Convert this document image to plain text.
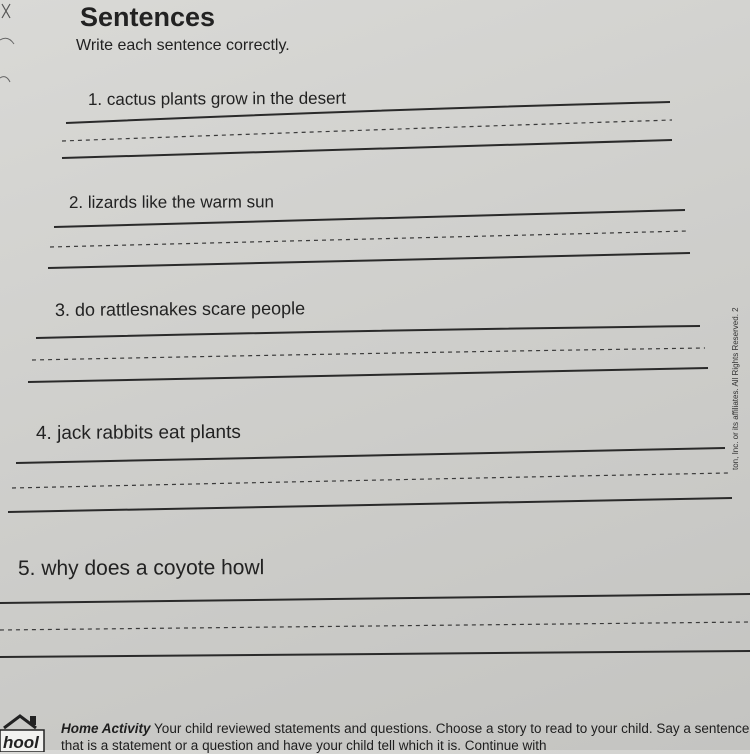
Sentences
Write each sentence correctly.
1. cactus plants grow in the desert
2. lizards like the warm sun
3. do rattlesnakes scare people
4. jack rabbits eat plants
5. why does a coyote howl
ton, Inc. or its affiliates. All Rights Reserved. 2
hool
Home Activity Your child reviewed statements and questions. Choose a story to read to your child. Say a sentence that is a statement or a question and have your child tell which it is. Continue with
